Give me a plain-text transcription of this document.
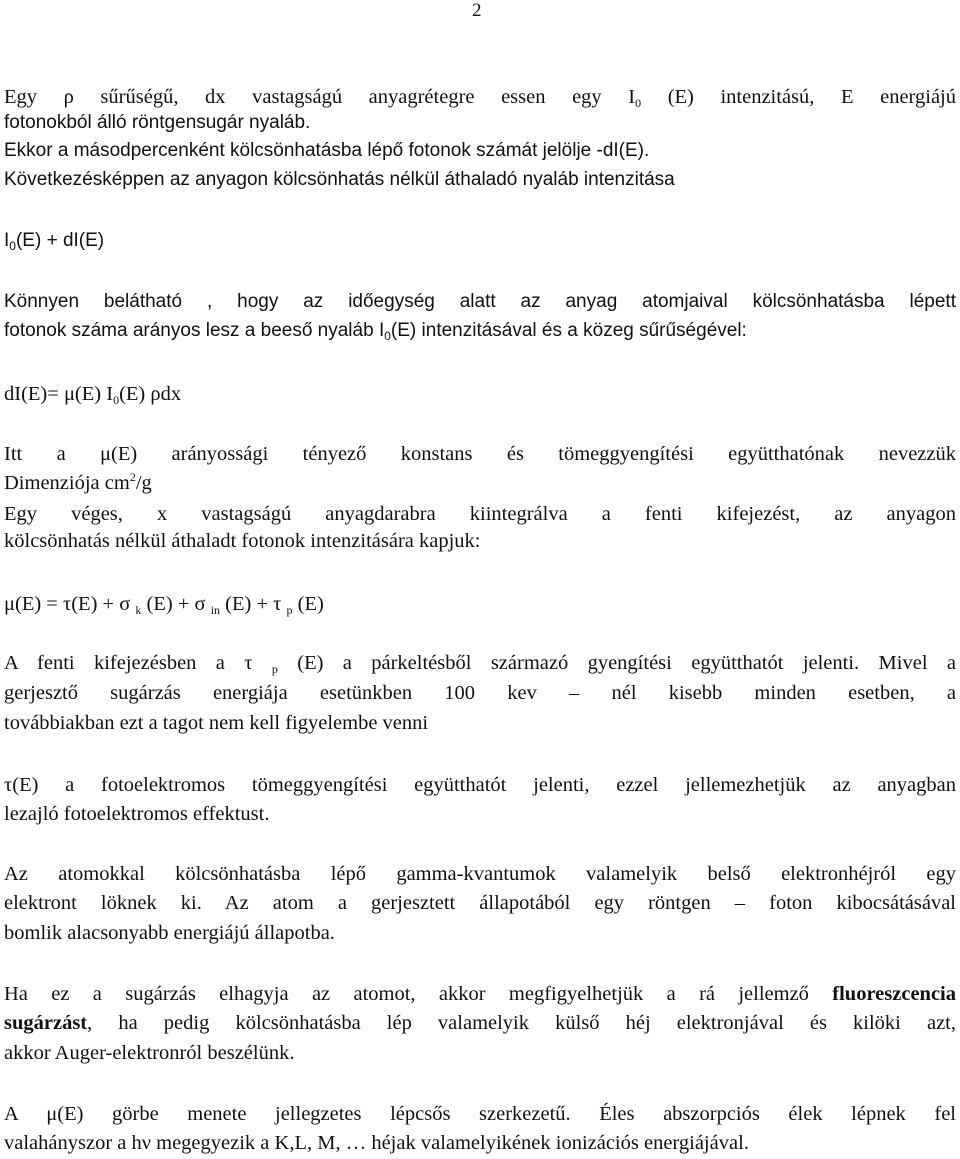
2
Egy ρ sűrűségű, dx vastagságú anyagrétegre essen egy $I_0$ (E) intenzitású, E energiájú
fotonokból álló röntgensugár nyaláb.
Ekkor a másodpercenként kölcsönhatásba lépő fotonok számát jelölje -dI(E).
Következésképpen az anyagon kölcsönhatás nélkül áthaladó nyaláb intenzitása
$I_0(E) + dI(E)$
Könnyen belátható , hogy az időegység alatt az anyag atomjaival kölcsönhatásba lépett
fotonok száma arányos lesz a beeső nyaláb $I_0(E)$ intenzitásával és a közeg sűrűségével:
dI(E)= μ(E) $I_0(E)$ ρdx
Itt a μ(E) arányossági tényező konstans és tömeggyengítési együtthatónak nevezzük
Dimenziója $cm^2/g$
Egy véges, x vastagságú anyagdarabra kiintegrálva a fenti kifejezést, az anyagon
kölcsönhatás nélkül áthaladt fotonok intenzitására kapjuk:
μ(E) = τ(E) + σ $_k$ (E) + σ $_{in}$ (E) + τ $_p$ (E)
A fenti kifejezésben a τ $_p$ (E) a párkeltésből származó gyengítési együtthatót jelenti. Mivel a
gerjesztő sugárzás energiája esetünkben 100 kev – nél kisebb minden esetben, a
továbbiakban ezt a tagot nem kell figyelembe venni
τ(E) a fotoelektromos tömeggyengítési együtthatót jelenti, ezzel jellemezhetjük az anyagban
lezajló fotoelektromos effektust.
Az atomokkal kölcsönhatásba lépő gamma-kvantumok valamelyik belső elektronhéjról egy
elektront löknek ki. Az atom a gerjesztett állapotából egy röntgen – foton kibocsátásával
bomlik alacsonyabb energiájú állapotba.
Ha ez a sugárzás elhagyja az atomot, akkor megfigyelhetjük a rá jellemző fluoreszcencia
sugárzást, ha pedig kölcsönhatásba lép valamelyik külső héj elektronjával és kilöki azt,
akkor Auger-elektronról beszélünk.
A μ(E) görbe menete jellegzetes lépcsős szerkezetű. Éles abszorpciós élek lépnek fel
valahányszor a hν megegyezik a K,L, M, … héjak valamelyikének ionizációs energiájával.
